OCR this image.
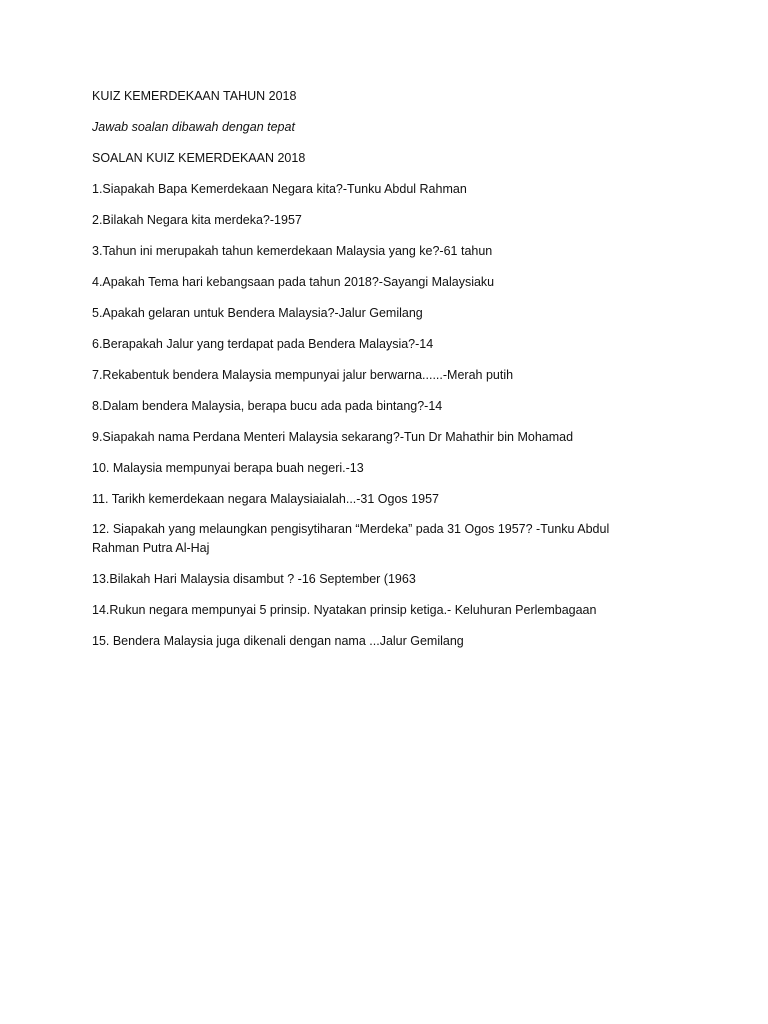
KUIZ KEMERDEKAAN TAHUN 2018

Jawab soalan dibawah dengan tepat

SOALAN KUIZ KEMERDEKAAN 2018

1.Siapakah Bapa Kemerdekaan Negara kita?-Tunku Abdul Rahman

2.Bilakah Negara kita merdeka?-1957

3.Tahun ini merupakah tahun kemerdekaan Malaysia yang ke?-61 tahun

4.Apakah Tema hari kebangsaan pada tahun 2018?-Sayangi Malaysiaku

5.Apakah gelaran untuk Bendera Malaysia?-Jalur Gemilang

6.Berapakah Jalur yang terdapat pada Bendera Malaysia?-14

7.Rekabentuk bendera Malaysia mempunyai jalur berwarna......-Merah putih

8.Dalam bendera Malaysia, berapa bucu ada pada bintang?-14

9.Siapakah nama Perdana Menteri Malaysia sekarang?-Tun Dr Mahathir bin Mohamad

10. Malaysia mempunyai berapa buah negeri.-13

11. Tarikh kemerdekaan negara Malaysiaialah...-31 Ogos 1957

12. Siapakah yang melaungkan pengisytiharan “Merdeka” pada 31 Ogos 1957? -Tunku Abdul Rahman Putra Al-Haj

13.Bilakah Hari Malaysia disambut ? -16 September (1963

14.Rukun negara mempunyai 5 prinsip. Nyatakan prinsip ketiga.- Keluhuran Perlembagaan

15. Bendera Malaysia juga dikenali dengan nama ...Jalur Gemilang
